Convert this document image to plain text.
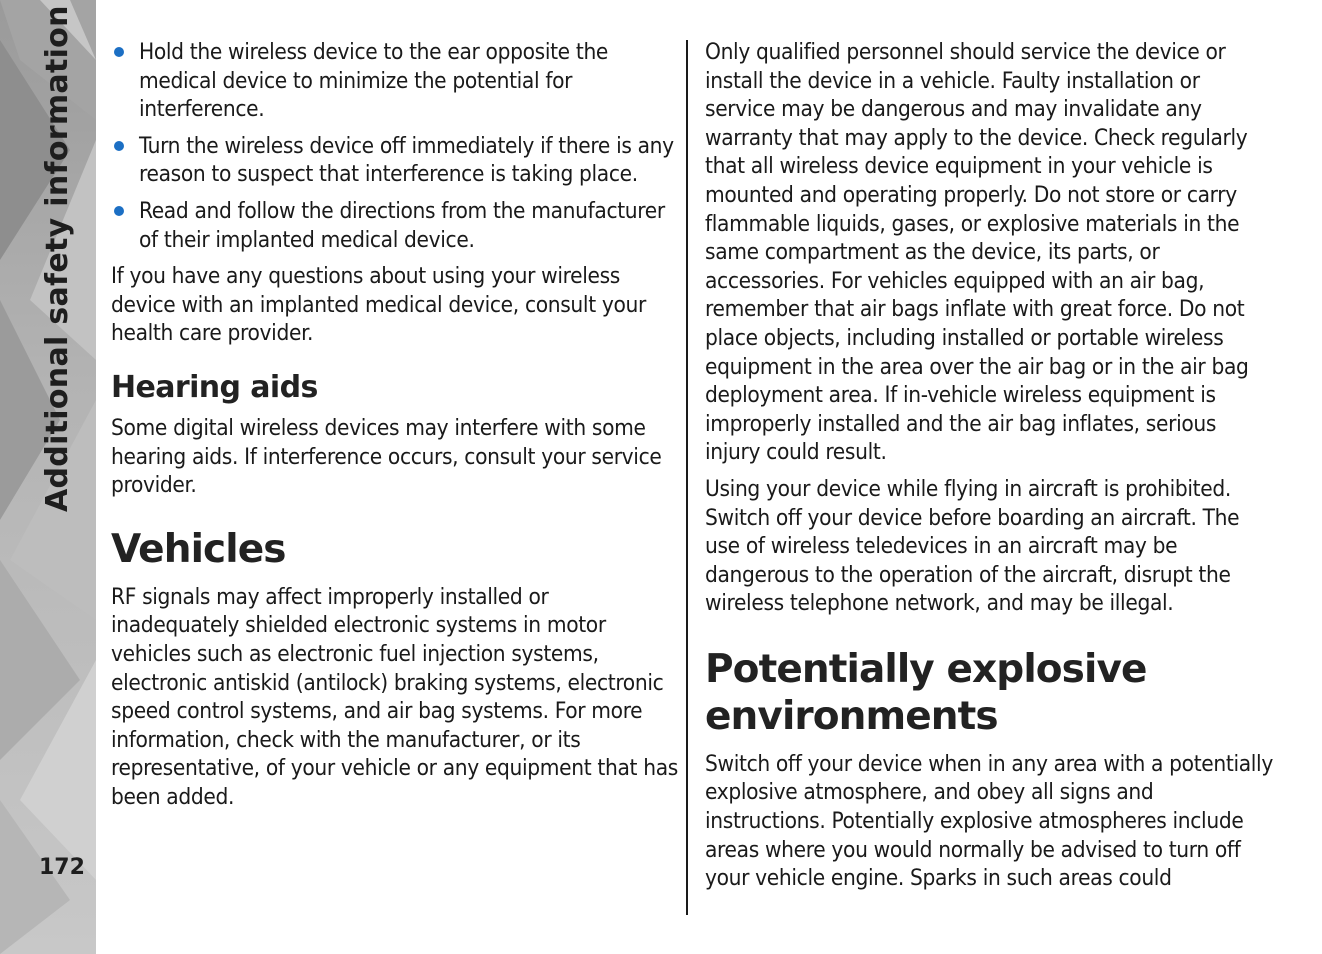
Additional safety information
172
Hold the wireless device to the ear opposite the medical device to minimize the potential for interference.
Turn the wireless device off immediately if there is any reason to suspect that interference is taking place.
Read and follow the directions from the manufacturer of their implanted medical device.

If you have any questions about using your wireless device with an implanted medical device, consult your health care provider.

Hearing aids

Some digital wireless devices may interfere with some hearing aids. If interference occurs, consult your service provider.

Vehicles

RF signals may affect improperly installed or inadequately shielded electronic systems in motor vehicles such as electronic fuel injection systems, electronic antiskid (antilock) braking systems, electronic speed control systems, and air bag systems. For more information, check with the manufacturer, or its representative, of your vehicle or any equipment that has been added.

Only qualified personnel should service the device or install the device in a vehicle. Faulty installation or service may be dangerous and may invalidate any warranty that may apply to the device. Check regularly that all wireless device equipment in your vehicle is mounted and operating properly. Do not store or carry flammable liquids, gases, or explosive materials in the same compartment as the device, its parts, or accessories. For vehicles equipped with an air bag, remember that air bags inflate with great force. Do not place objects, including installed or portable wireless equipment in the area over the air bag or in the air bag deployment area. If in-vehicle wireless equipment is improperly installed and the air bag inflates, serious injury could result.

Using your device while flying in aircraft is prohibited. Switch off your device before boarding an aircraft. The use of wireless teledevices in an aircraft may be dangerous to the operation of the aircraft, disrupt the wireless telephone network, and may be illegal.

Potentially explosive environments

Switch off your device when in any area with a potentially explosive atmosphere, and obey all signs and instructions. Potentially explosive atmospheres include areas where you would normally be advised to turn off your vehicle engine. Sparks in such areas could
